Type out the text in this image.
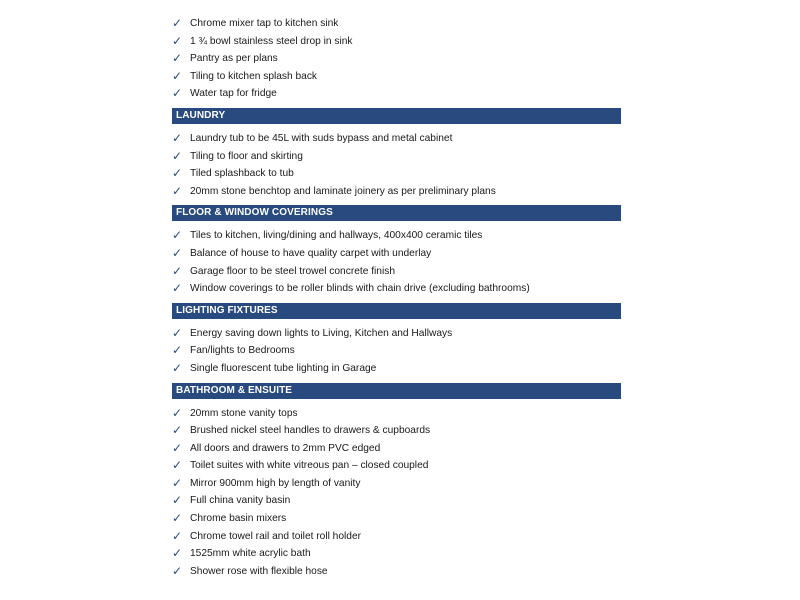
✓ Chrome mixer tap to kitchen sink
✓ 1 ¾ bowl stainless steel drop in sink
✓ Pantry as per plans
✓ Tiling to kitchen splash back
✓ Water tap for fridge
LAUNDRY
✓ Laundry tub to be 45L with suds bypass and metal cabinet
✓ Tiling to floor and skirting
✓ Tiled splashback to tub
✓ 20mm stone benchtop and laminate joinery as per preliminary plans
FLOOR & WINDOW COVERINGS
✓ Tiles to kitchen, living/dining and hallways, 400x400 ceramic tiles
✓ Balance of house to have quality carpet with underlay
✓ Garage floor to be steel trowel concrete finish
✓ Window coverings to be roller blinds with chain drive (excluding bathrooms)
LIGHTING FIXTURES
✓ Energy saving down lights to Living, Kitchen and Hallways
✓ Fan/lights to Bedrooms
✓ Single fluorescent tube lighting in Garage
BATHROOM & ENSUITE
✓ 20mm stone vanity tops
✓ Brushed nickel steel handles to drawers & cupboards
✓ All doors and drawers to 2mm PVC edged
✓ Toilet suites with white vitreous pan – closed coupled
✓ Mirror 900mm high by length of vanity
✓ Full china vanity basin
✓ Chrome basin mixers
✓ Chrome towel rail and toilet roll holder
✓ 1525mm white acrylic bath
✓ Shower rose with flexible hose
